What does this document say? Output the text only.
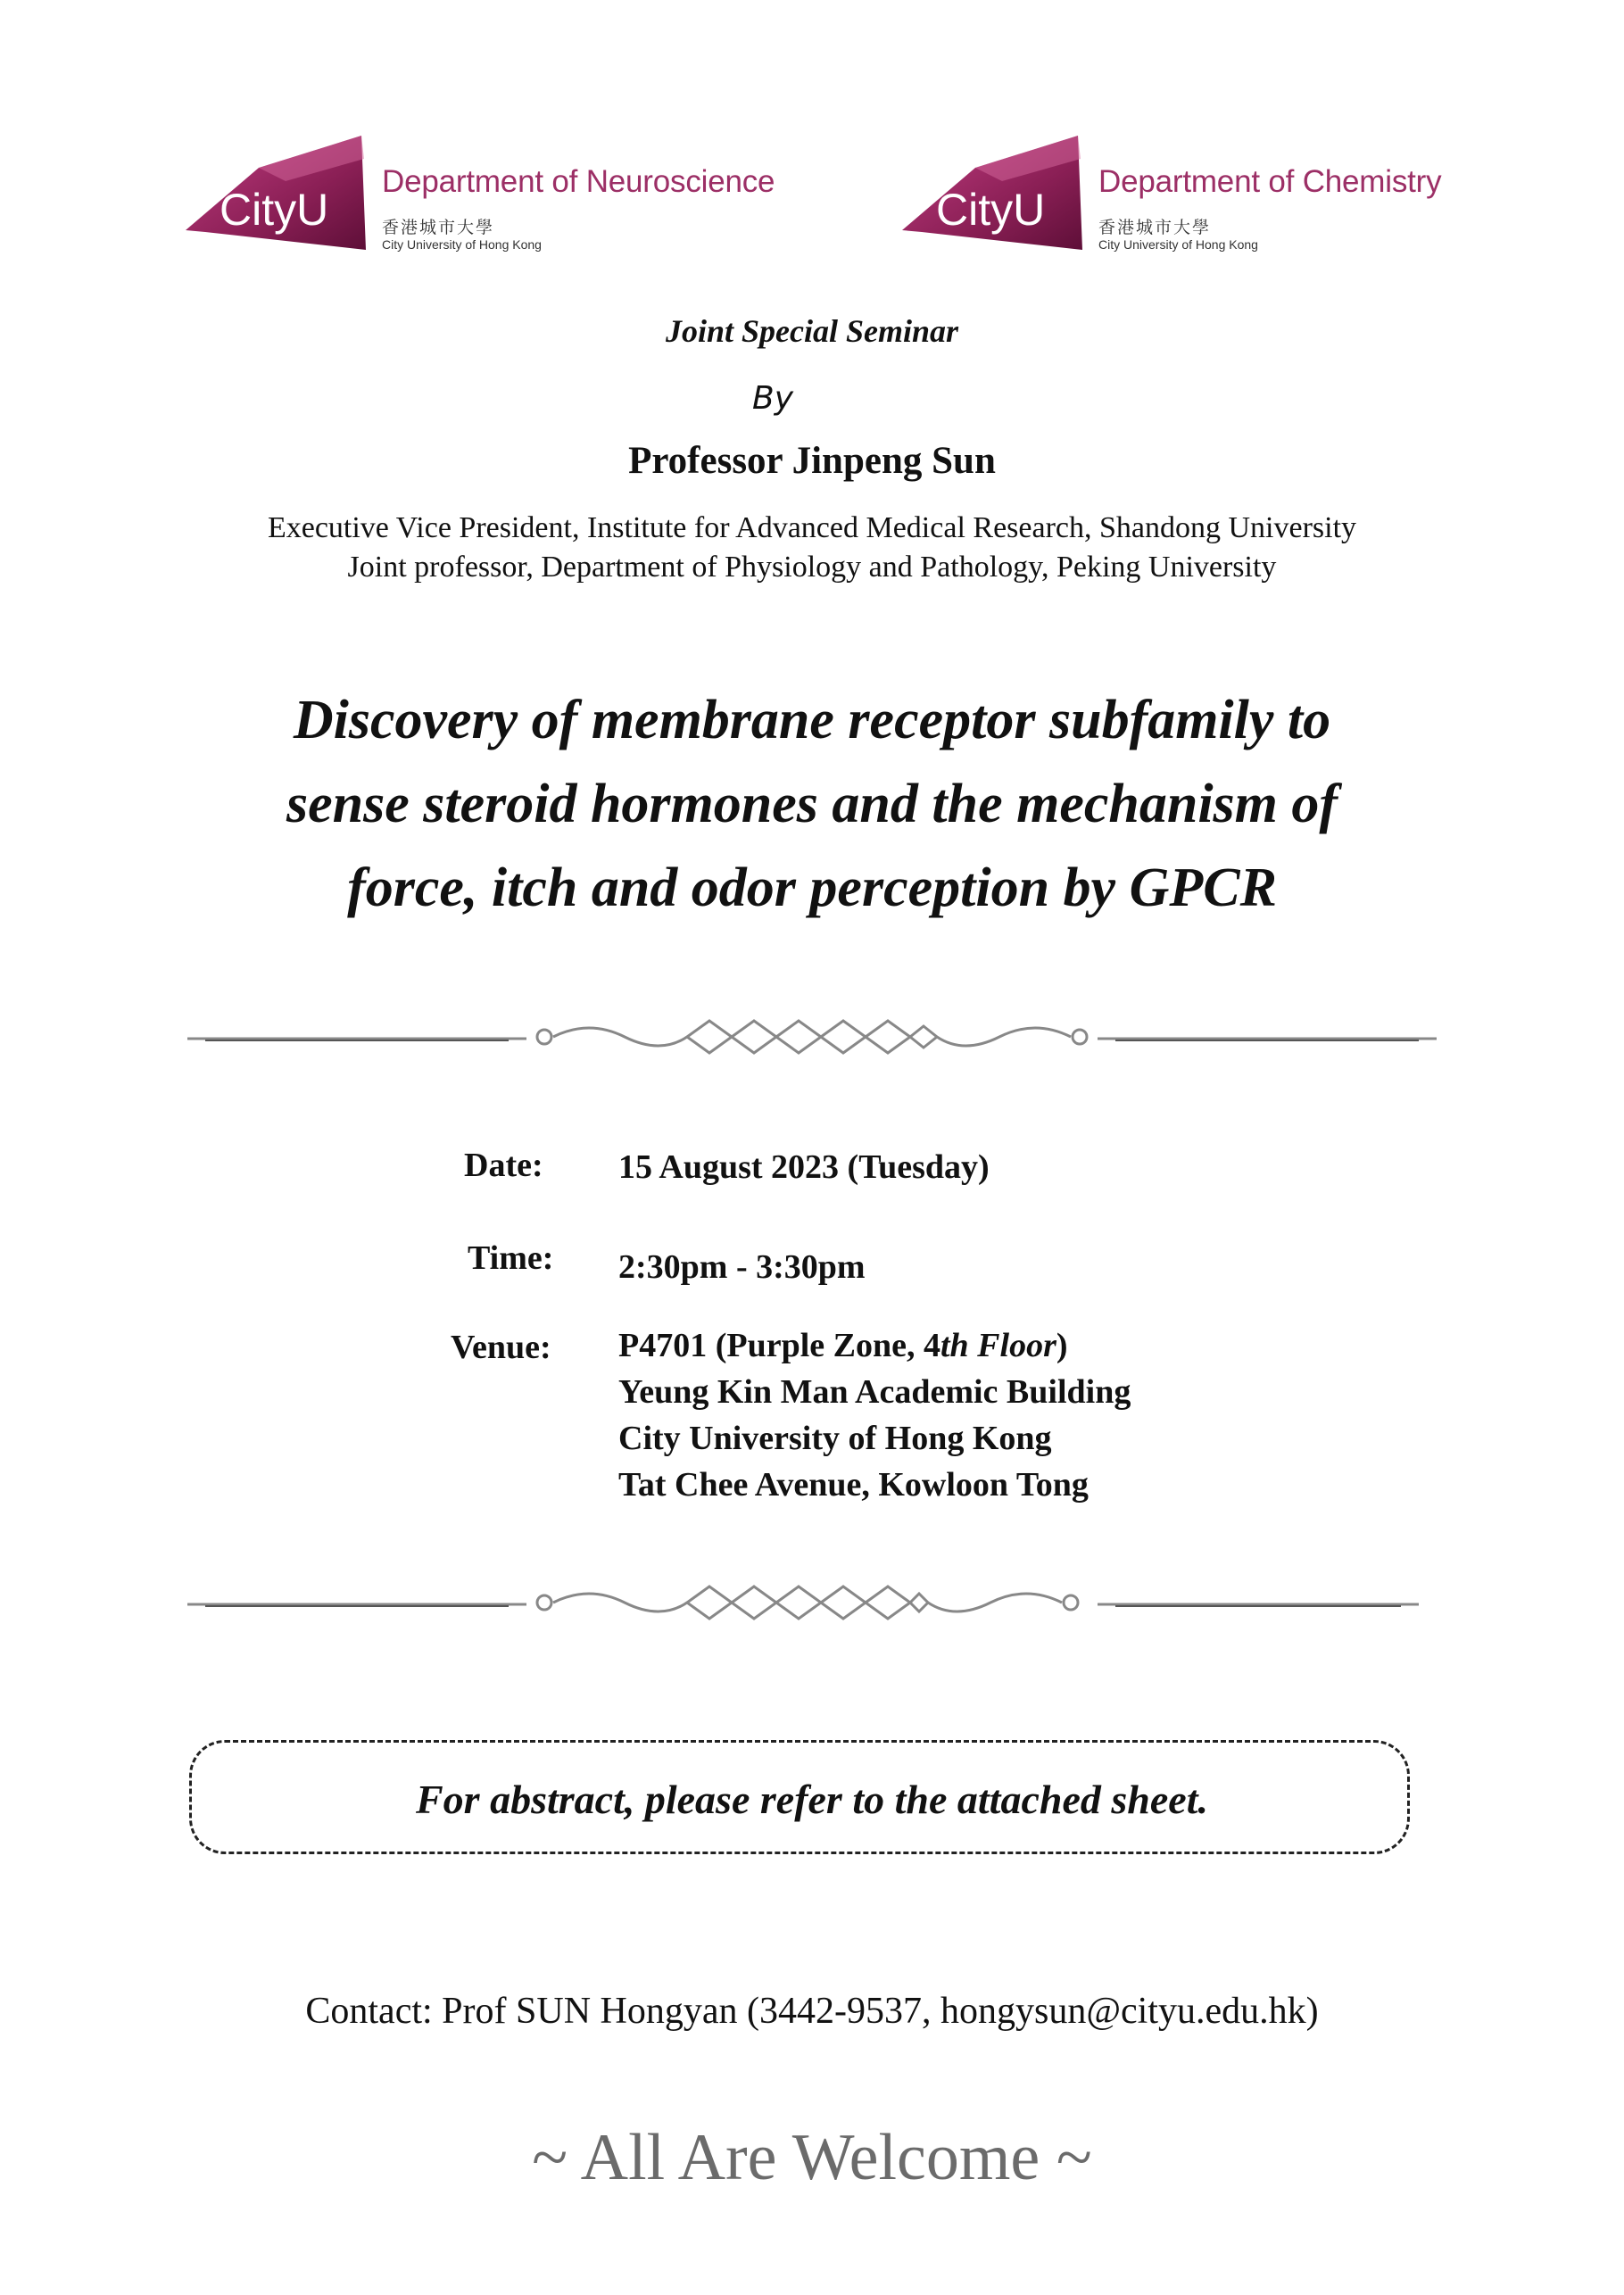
CityU
Department of Neuroscience
香港城市大學
City University of Hong Kong
CityU
Department of Chemistry
香港城市大學
City University of Hong Kong
Joint Special Seminar
By
Professor Jinpeng Sun
Executive Vice President, Institute for Advanced Medical Research, Shandong University
Joint professor, Department of Physiology and Pathology, Peking University
Discovery of membrane receptor subfamily to
sense steroid hormones and the mechanism of
force, itch and odor perception by GPCR
Date: 15 August 2023 (Tuesday)
Time: 2:30pm - 3:30pm
Venue: P4701 (Purple Zone, 4th Floor)
Yeung Kin Man Academic Building
City University of Hong Kong
Tat Chee Avenue, Kowloon Tong
For abstract, please refer to the attached sheet.
Contact: Prof SUN Hongyan (3442-9537, hongysun@cityu.edu.hk)
~ All Are Welcome ~
